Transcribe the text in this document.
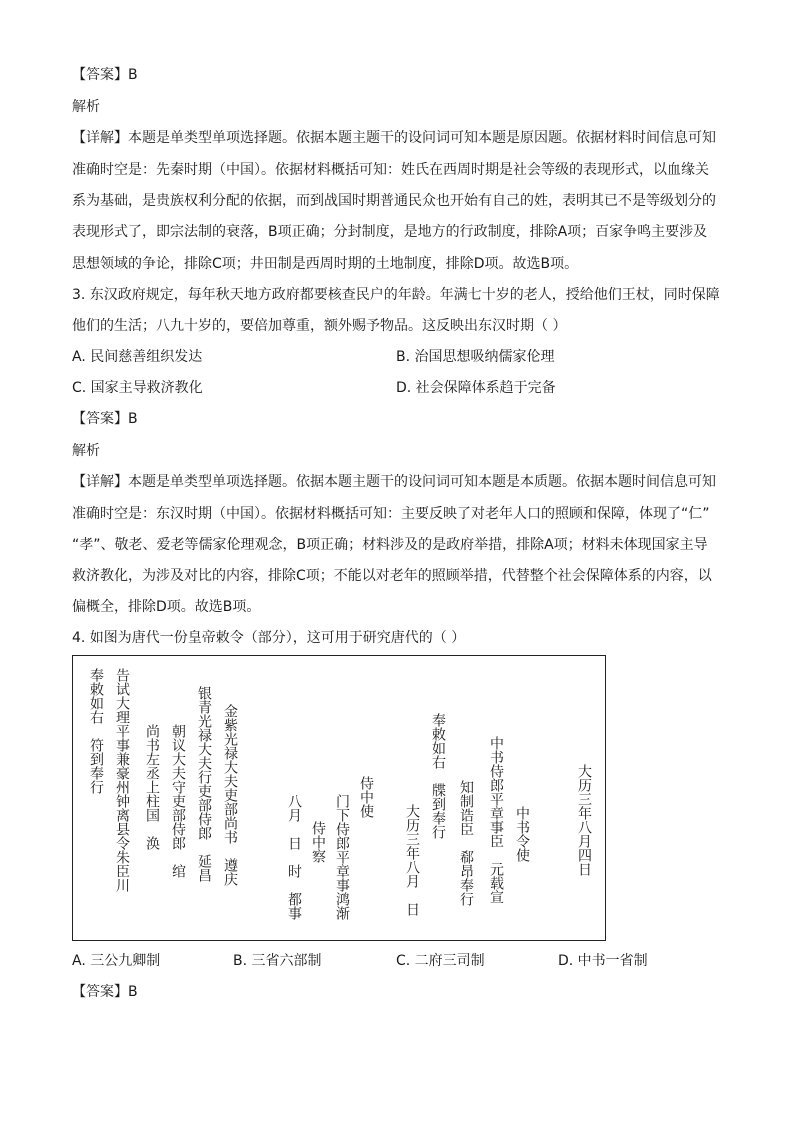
【答案】B
解析
【详解】本题是单类型单项选择题。依据本题主题干的设问词可知本题是原因题。依据材料时间信息可知
准确时空是：先秦时期（中国）。依据材料概括可知：姓氏在西周时期是社会等级的表现形式，以血缘关
系为基础，是贵族权利分配的依据，而到战国时期普通民众也开始有自己的姓，表明其已不是等级划分的
表现形式了，即宗法制的衰落，B项正确；分封制度，是地方的行政制度，排除A项；百家争鸣主要涉及
思想领域的争论，排除C项；井田制是西周时期的土地制度，排除D项。故选B项。
3. 东汉政府规定，每年秋天地方政府都要核查民户的年龄。年满七十岁的老人，授给他们王杖，同时保障
他们的生活；八九十岁的，要倍加尊重，额外赐予物品。这反映出东汉时期（ ）
A. 民间慈善组织发达	B. 治国思想吸纳儒家伦理
C. 国家主导救济教化	D. 社会保障体系趋于完备
【答案】B
解析
【详解】本题是单类型单项选择题。依据本题主题干的设问词可知本题是本质题。依据本题时间信息可知
准确时空是：东汉时期（中国）。依据材料概括可知：主要反映了对老年人口的照顾和保障，体现了“仁”
“孝”、敬老、爱老等儒家伦理观念，B项正确；材料涉及的是政府举措，排除A项；材料未体现国家主导
救济教化，为涉及对比的内容，排除C项；不能以对老年的照顾举措，代替整个社会保障体系的内容，以
偏概全，排除D项。故选B项。
4. 如图为唐代一份皇帝敕令（部分），这可用于研究唐代的（ ）
奉敕如右　符到奉行 告试大理平事兼豪州钟离县令朱臣川 尚书左丞上柱国　涣 朝议大夫守吏部侍郎　绾 银青光禄大夫行吏部侍郎　延昌 金紫光禄大夫吏部尚书　遵庆	八月　日　时　都事 侍中察 门下侍郎平章事鸿渐 侍中使
大历三年八月　日
奉敕如右　牒到奉行
知制诰臣　郗昂奉行 中书侍郎平章事臣　元载宣 中书令使	大历三年八月四日
A. 三公九卿制	B. 三省六部制	C. 二府三司制	D. 中书一省制
【答案】B
